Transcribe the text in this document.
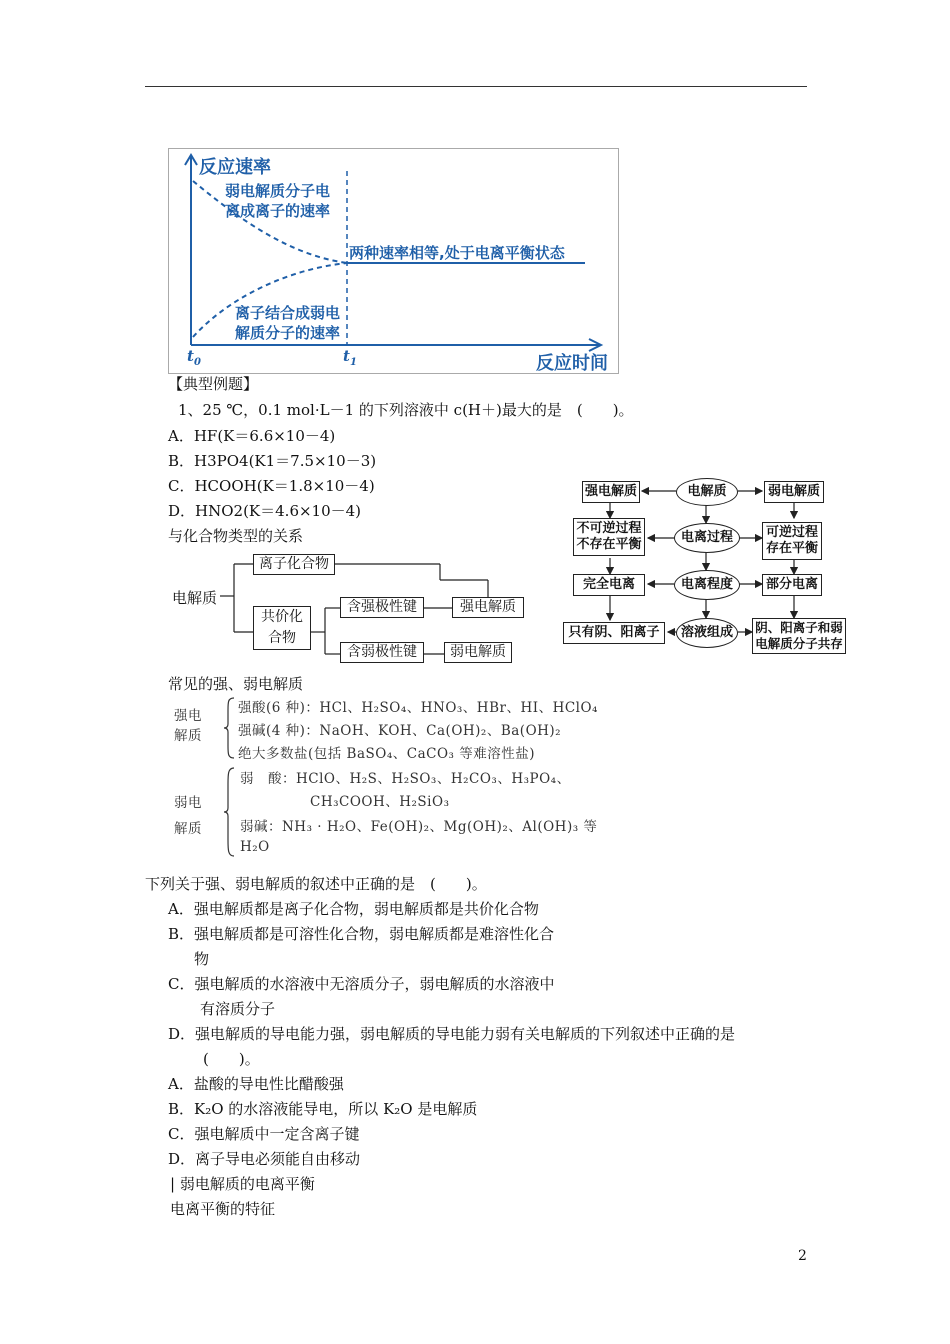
反应速率
反应时间
$t_0$	$t_1$
弱电解质分子电
离成离子的速率
离子结合成弱电
解质分子的速率
两种速率相等,处于电离平衡状态
【典型例题】
1、25 ℃，0.1 mol·L－1 的下列溶液中 c(H＋)最大的是　(　　)。
A．HF(K＝6.6×10－4)
B．H3PO4(K1＝7.5×10－3)
C．HCOOH(K＝1.8×10－4)
D．HNO2(K＝4.6×10－4)
与化合物类型的关系
电解质
离子化合物
共价化
合物
含强极性键
含弱极性键
强电解质
弱电解质
强电解质	电解质	弱电解质
不可逆过程
不存在平衡	电离过程	可逆过程
存在平衡
完全电离	电离程度	部分电离
只有阴、阳离子	溶液组成	阴、阳离子和弱
电解质分子共存
常见的强、弱电解质
强电
解质
强酸(6 种)：HCl、H₂SO₄、HNO₃、HBr、HI、HClO₄
强碱(4 种)：NaOH、KOH、Ca(OH)₂、Ba(OH)₂
绝大多数盐(包括 BaSO₄、CaCO₃ 等难溶性盐)
弱电
解质
弱　酸：HClO、H₂S、H₂SO₃、H₂CO₃、H₃PO₄、
CH₃COOH、H₂SiO₃
弱碱：NH₃ · H₂O、Fe(OH)₂、Mg(OH)₂、Al(OH)₃ 等
H₂O
下列关于强、弱电解质的叙述中正确的是　(　　)。
A．强电解质都是离子化合物，弱电解质都是共价化合物
B．强电解质都是可溶性化合物，弱电解质都是难溶性化合
物
C．强电解质的水溶液中无溶质分子，弱电解质的水溶液中
有溶质分子
D．强电解质的导电能力强，弱电解质的导电能力弱有关电解质的下列叙述中正确的是
(　　)。
A．盐酸的导电性比醋酸强
B．K₂O 的水溶液能导电，所以 K₂O 是电解质
C．强电解质中一定含离子键
D．离子导电必须能自由移动
| 弱电解质的电离平衡
电离平衡的特征
2
